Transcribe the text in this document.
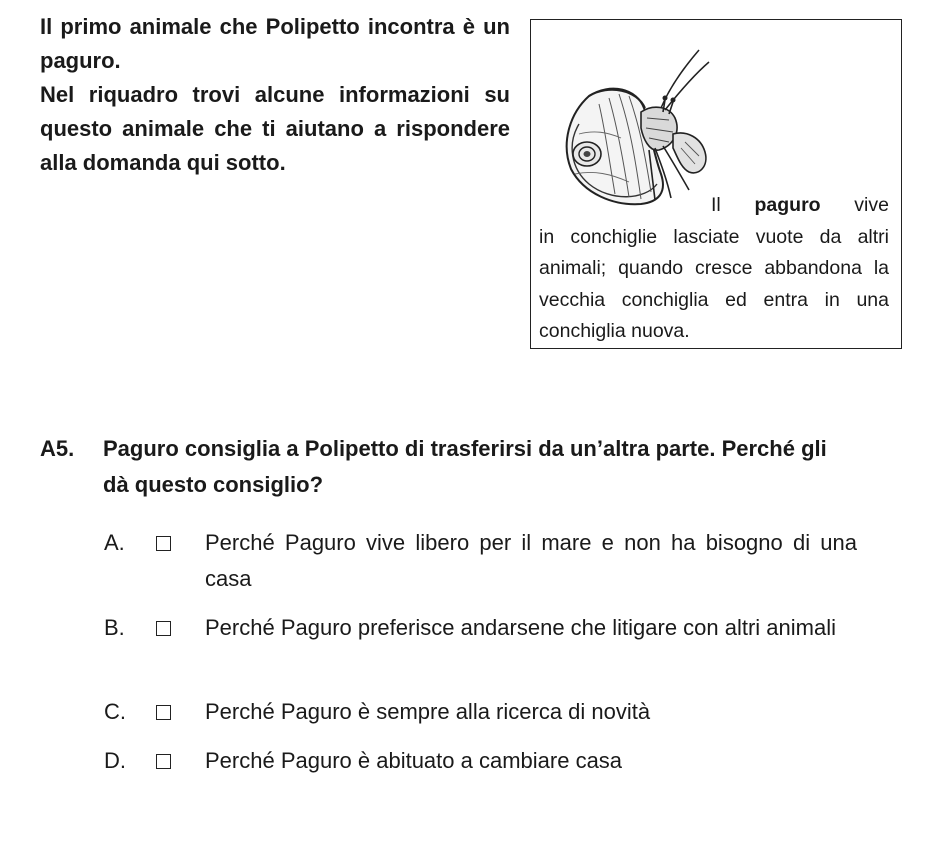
Il primo animale che Polipetto incontra è un paguro.

Nel riquadro trovi alcune informazioni su questo animale che ti aiutano a rispondere alla domanda qui sotto.

Il paguro vive
in conchiglie lasciate vuote da altri animali; quando cresce abbandona la vecchia conchiglia ed entra in una conchiglia nuova.
A5. Paguro consiglia a Polipetto di trasferirsi da un’altra parte. Perché gli dà questo consiglio?
A.	Perché Paguro vive libero per il mare e non ha bisogno di una casa
B.	Perché Paguro preferisce andarsene che litigare con altri animali
C.	Perché Paguro è sempre alla ricerca di novità
D.	Perché Paguro è abituato a cambiare casa
